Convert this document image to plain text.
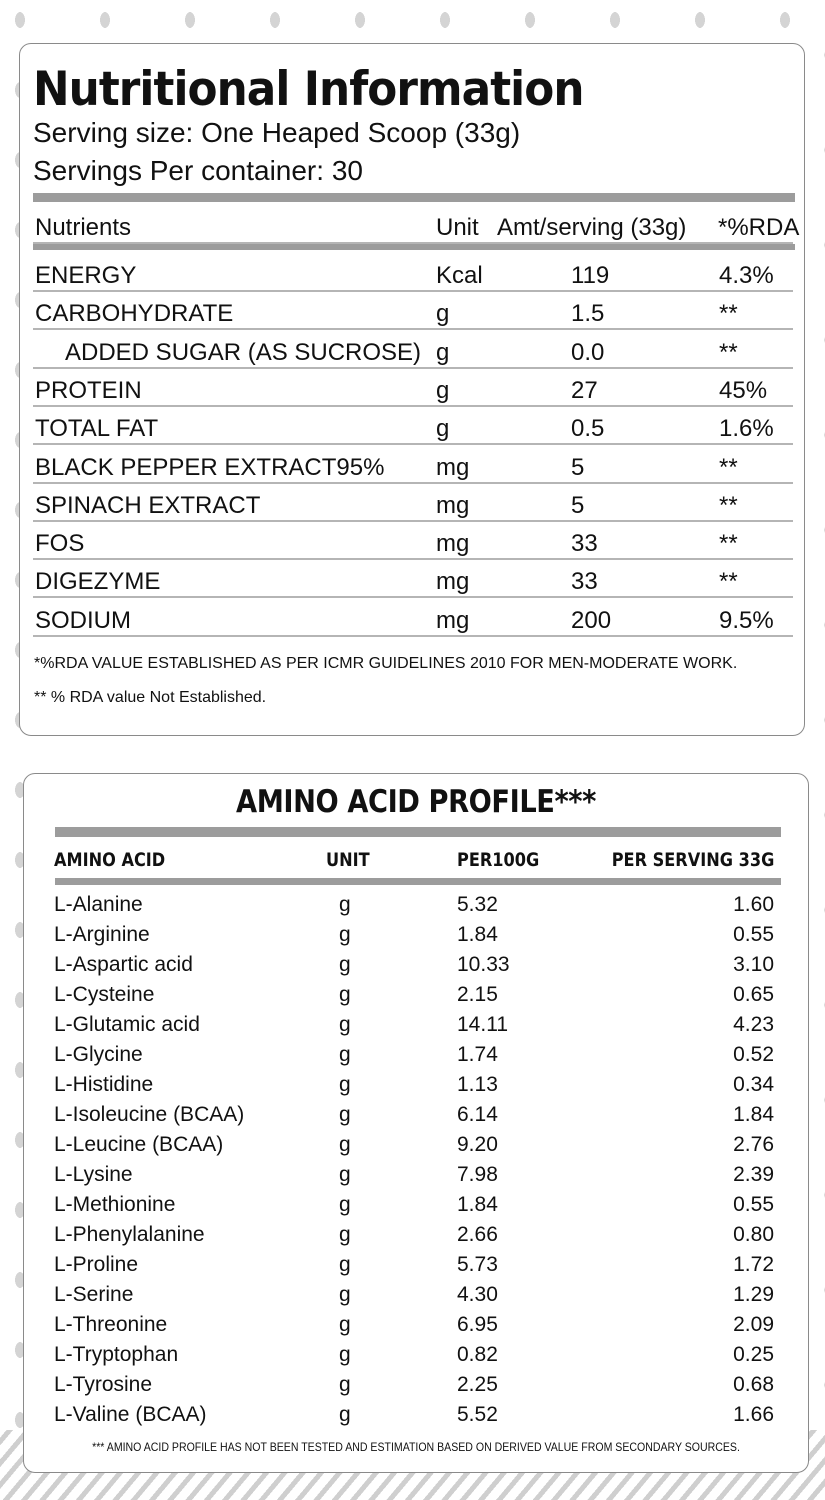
Nutritional Information
Serving size: One Heaped Scoop (33g)
Servings Per container: 30
Nutrients	Unit Amt/serving (33g) *%RDA
ENERGY	Kcal	119	4.3%
CARBOHYDRATE	g	1.5	**
ADDED SUGAR (AS SUCROSE) g	0.0	**
PROTEIN	g	27	45%
TOTAL FAT	g	0.5	1.6%
BLACK PEPPER EXTRACT95% mg	5	**
SPINACH EXTRACT	mg	5	**
FOS	mg	33	**
DIGEZYME	mg	33	**
SODIUM	mg	200	9.5%
*%RDA VALUE ESTABLISHED AS PER ICMR GUIDELINES 2010 FOR MEN-MODERATE WORK.
** % RDA value Not Established.
AMINO ACID PROFILE***
AMINO ACID	UNIT	PER100G	PER SERVING 33G
L-Alanine	g	5.32	1.60
L-Arginine	g	1.84	0.55
L-Aspartic acid	g	10.33	3.10
L-Cysteine	g	2.15	0.65
L-Glutamic acid	g	14.11	4.23
L-Glycine	g	1.74	0.52
L-Histidine	g	1.13	0.34
L-Isoleucine (BCAA)	g	6.14	1.84
L-Leucine (BCAA)	g	9.20	2.76
L-Lysine	g	7.98	2.39
L-Methionine	g	1.84	0.55
L-Phenylalanine	g	2.66	0.80
L-Proline	g	5.73	1.72
L-Serine	g	4.30	1.29
L-Threonine	g	6.95	2.09
L-Tryptophan	g	0.82	0.25
L-Tyrosine	g	2.25	0.68
L-Valine (BCAA)	g	5.52	1.66
*** AMINO ACID PROFILE HAS NOT BEEN TESTED AND ESTIMATION BASED ON DERIVED VALUE FROM SECONDARY SOURCES.
